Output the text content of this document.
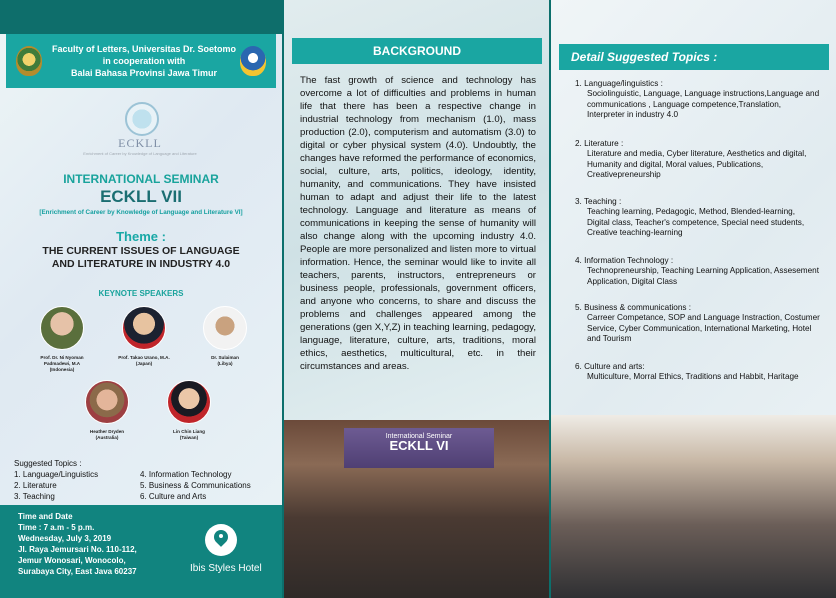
Faculty of Letters, Universitas Dr. Soetomo
in cooperation with
Balai Bahasa Provinsi Jawa Timur
ECKLL
Enrichment of Career by Knowledge of Language and Literature
INTERNATIONAL SEMINAR
ECKLL VII
[Enrichment of Career by Knowledge of Language and Literature VI]
Theme :
THE CURRENT ISSUES OF LANGUAGE
AND LITERATURE IN INDUSTRY 4.0
KEYNOTE SPEAKERS
Prof. Dr. Ni Nyoman Padmadewi, M.A
(Indonesia)
Prof. Takao Urano, M.A.
(Japan)
Dr. Sulaiman
(Libya)
Heather Dryden
(Australia)
Lin Chin Liang
(Taiwan)
Suggested Topics :
1. Language/Linguistics
2. Literature
3. Teaching
4. Information Technology
5. Business & Communications
6. Culture and Arts
Time and Date
Time : 7 a.m - 5 p.m.
Wednesday, July 3, 2019
Jl. Raya Jemursari No. 110-112,
Jemur Wonosari, Wonocolo,
Surabaya City, East Java 60237	Ibis Styles Hotel
BACKGROUND
The fast growth of science and technology has overcome a lot of difficulties and problems in human life that there has been a respective change in industrial technology from mechanism (1.0), mass production (2.0), computerism and automatism (3.0) to digital or cyber physical system (4.0). Undoubtly, the changes have reformed the performance of economics, social, culture, arts, politics, ideology, identity, humanity, and communications. They have insisted human to adapt and adjust their life to the latest technology. Language and literature as means of communications in keeping the sense of humanity will also change along with the upcoming industry 4.0. People are more personalized and listen more to virtual information. Hence, the seminar would like to invite all teachers, parents, instructors, entrepreneurs or business people, professionals, government officers, and anyone who concerns, to share and discuss the problems and challenges appeared among the generations (gen X,Y,Z) in teaching learning, pedagogy, language, literature, culture, arts, traditions, moral ethics, aesthetics, multicultural, etc. in their circumstances and areas.
International Seminar
ECKLL VI
Detail Suggested Topics :
1. Language/linguistics :
Sociolinguistic, Language, Language instructions,Language and communications , Language competence,Translation, Interpreter in industry 4.0
2. Literature :
Literature and media, Cyber literature, Aesthetics and digital, Humanity and digital, Moral values, Publications, Creativepreneurship
3. Teaching :
Teaching learning, Pedagogic, Method, Blended-learning, Digital class, Teacher's competence, Special need students, Creative teaching-learning
4. Information Technology :
Technopreneurship, Teaching Learning Application, Assesement Application, Digital Class
5. Business & communications :
Carreer Competance, SOP and Language Instraction, Costumer Service, Cyber Communication, International Marketing, Hotel and Tourism
6. Culture and arts:
Multiculture, Morral Ethics, Traditions and Habbit, Haritage
